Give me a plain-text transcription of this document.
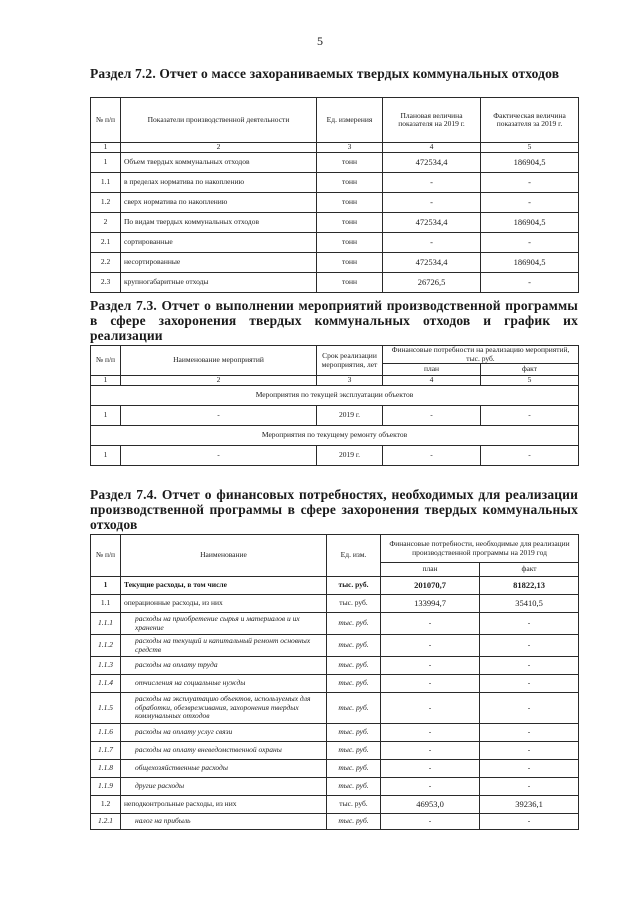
5
Раздел 7.2. Отчет о массе захораниваемых твердых коммунальных отходов
№ п/п	Показатели производственной деятельности	Ед. измерения	Плановая величина показателя на 2019 г.	Фактическая величина показателя за 2019 г.
1	2	3	4	5
1	Объем твердых коммунальных отходов	тонн	472534,4	186904,5
1.1	в пределах норматива по накоплению	тонн	-	-
1.2	сверх норматива по накоплению	тонн	-	-
2	По видам твердых коммунальных отходов	тонн	472534,4	186904,5
2.1	сортированные	тонн	-	-
2.2	несортированные	тонн	472534,4	186904,5
2.3	крупногабаритные отходы	тонн	26726,5	-
Раздел 7.3. Отчет о выполнении мероприятий производственной программы в сфере захоронения твердых коммунальных отходов и график их реализации
№ п/п	Наименование мероприятий	Срок реализации мероприятия, лет	Финансовые потребности на реализацию мероприятий, тыс. руб.	
			план	факт
1	2	3	4	5
Мероприятия по текущей эксплуатации объектов				
1	-	2019 г.	-	-
Мероприятия по текущему ремонту объектов				
1	-	2019 г.	-	-
Раздел 7.4. Отчет о финансовых потребностях, необходимых для реализации производственной программы в сфере захоронения твердых коммунальных отходов
№ п/п	Наименование	Ед. изм.	Финансовые потребности, необходимые для реализации производственной программы на 2019 год	
			план	факт
1	Текущие расходы, в том числе	тыс. руб.	201070,7	81822,13
1.1	операционные расходы, из них	тыс. руб.	133994,7	35410,5
1.1.1	расходы на приобретение сырья и материалов и их хранение	тыс. руб.	-	-
1.1.2	расходы на текущий и капитальный ремонт основных средств	тыс. руб.	-	-
1.1.3	расходы на оплату труда	тыс. руб.	-	-
1.1.4	отчисления на социальные нужды	тыс. руб.	-	-
1.1.5	расходы на эксплуатацию объектов, используемых для обработки, обезвреживания, захоронения твердых коммунальных отходов	тыс. руб.	-	-
1.1.6	расходы на оплату услуг связи	тыс. руб.	-	-
1.1.7	расходы на оплату вневедомственной охраны	тыс. руб.	-	-
1.1.8	общехозяйственные расходы	тыс. руб.	-	-
1.1.9	другие расходы	тыс. руб.	-	-
1.2	неподконтрольные расходы, из них	тыс. руб.	46953,0	39236,1
1.2.1	налог на прибыль	тыс. руб.	-	-
